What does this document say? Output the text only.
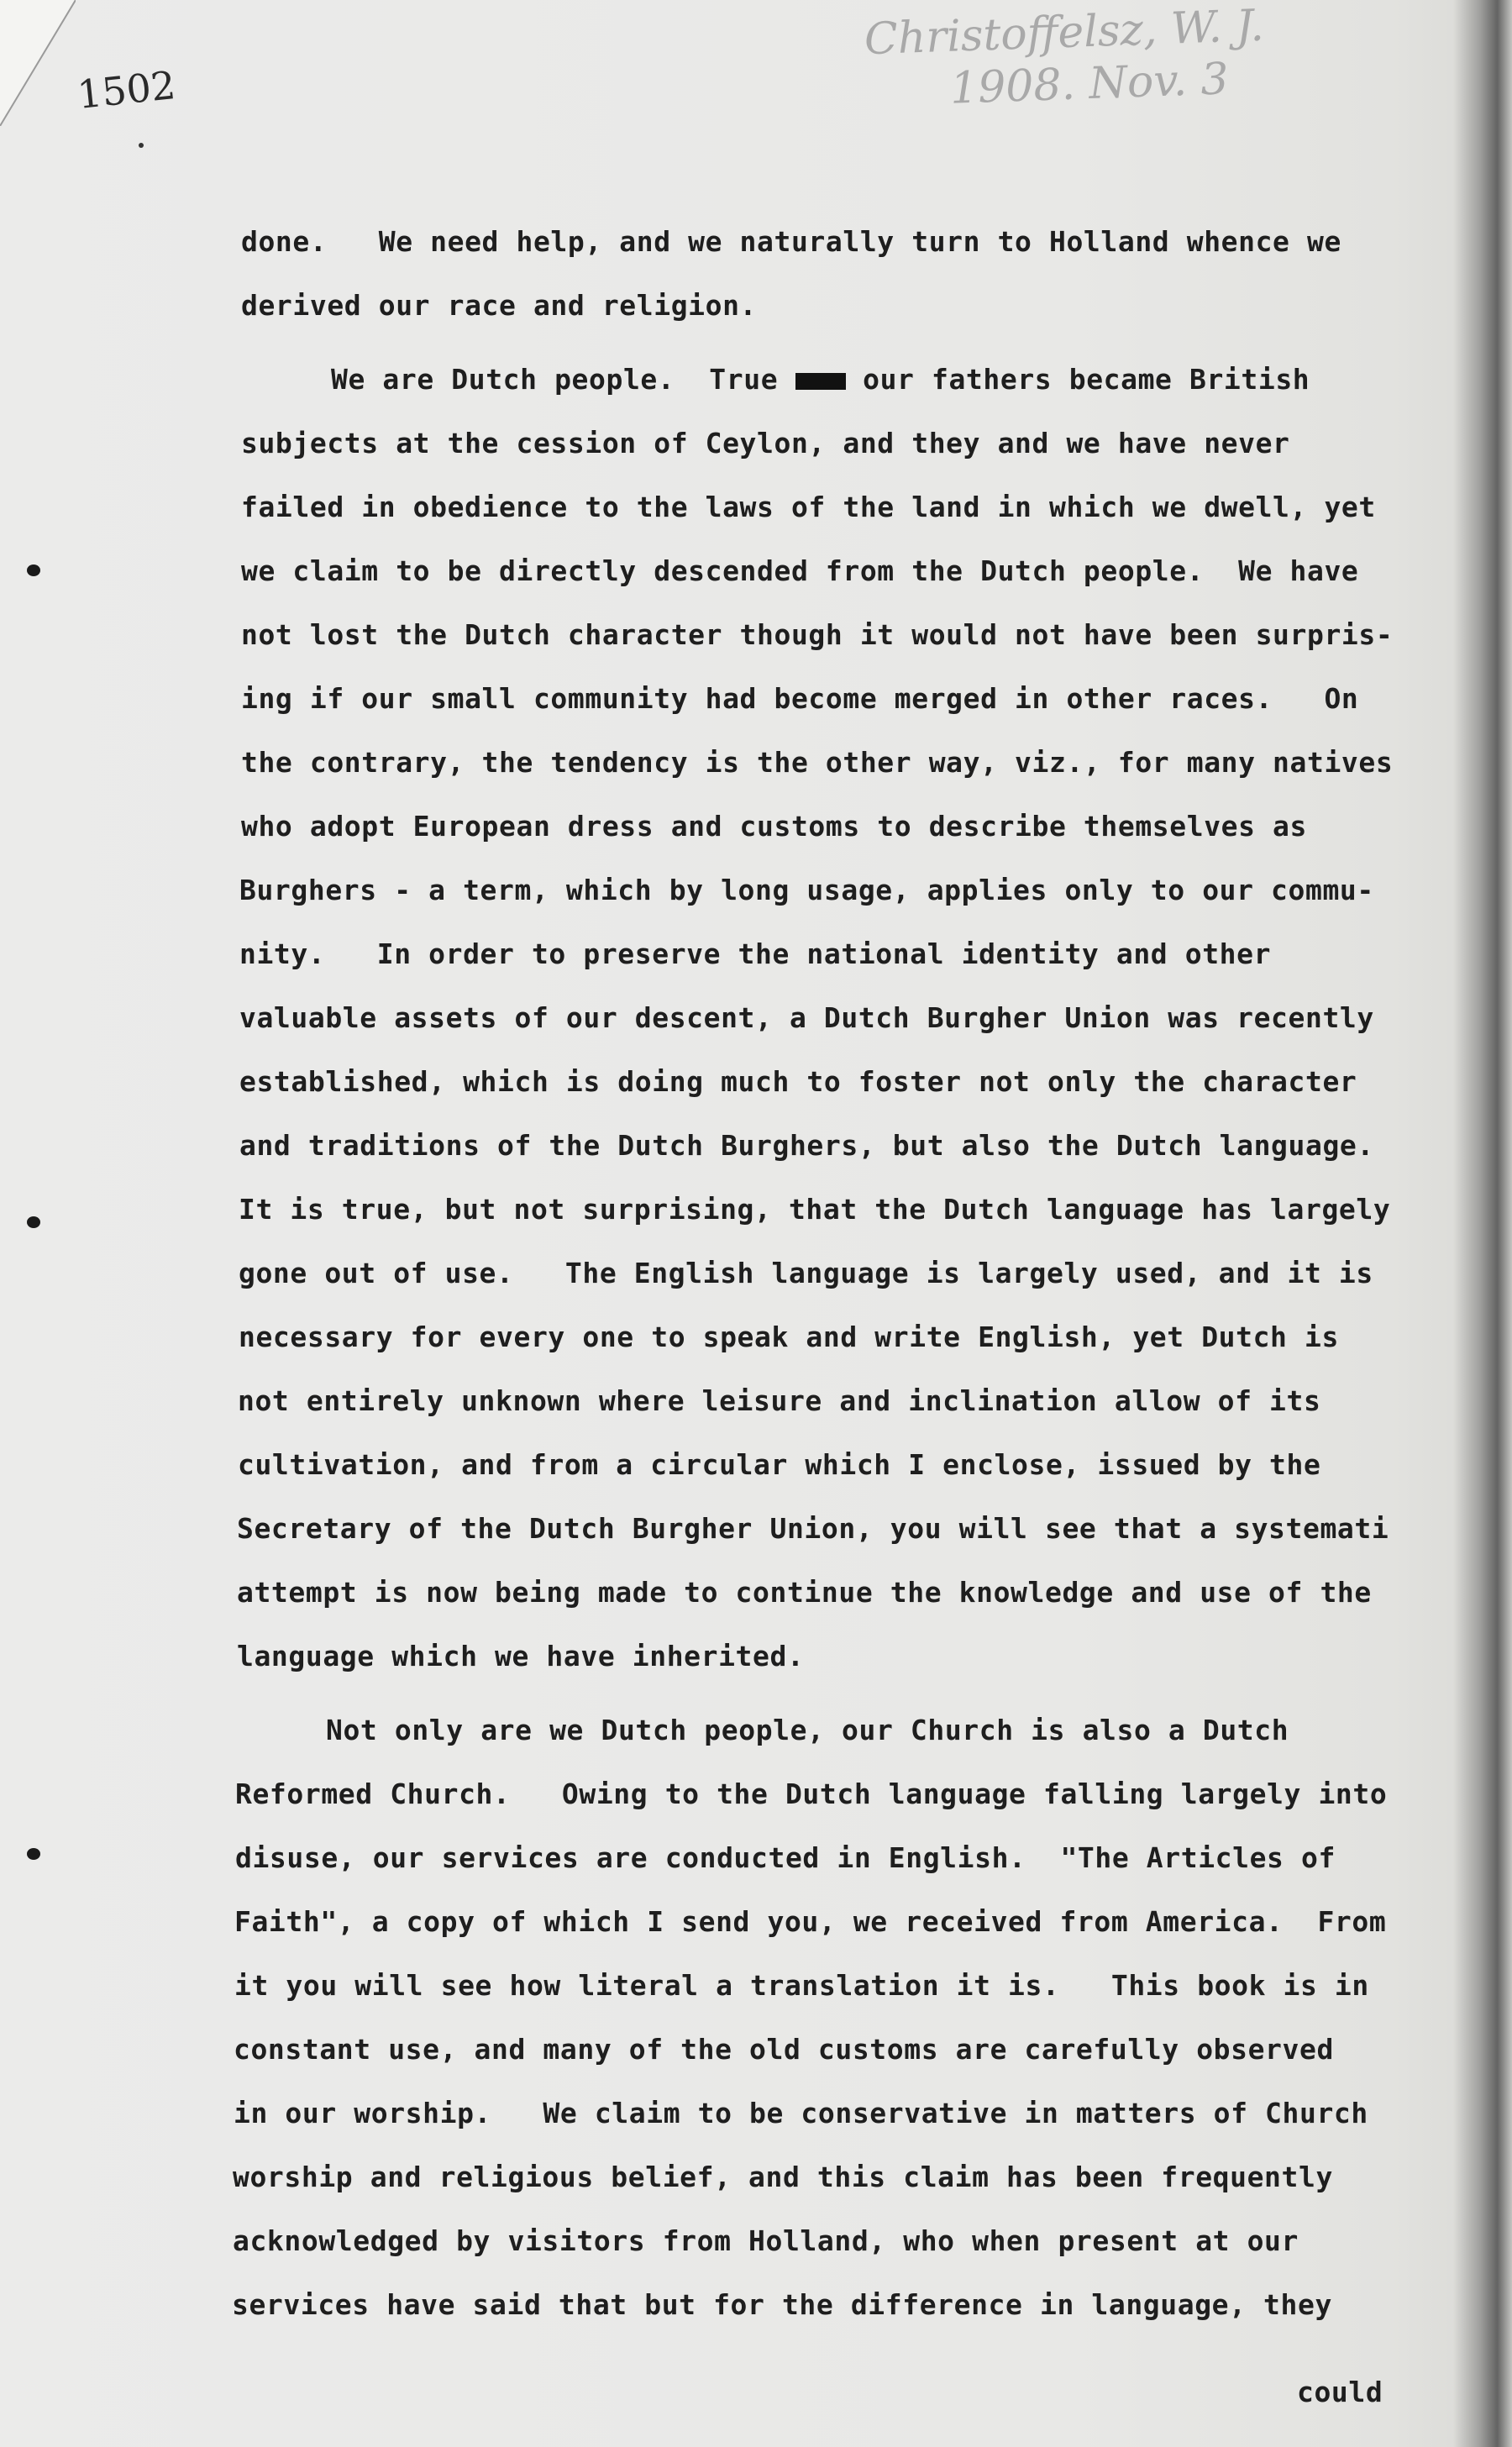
1502
Christoffelsz, W. J.
1908. Nov. 3
done.   We need help, and we naturally turn to Holland whence we
derived our race and religion.
We are Dutch people.  True	our fathers became British
subjects at the cession of Ceylon, and they and we have never
failed in obedience to the laws of the land in which we dwell, yet
we claim to be directly descended from the Dutch people.  We have
not lost the Dutch character though it would not have been surpris-
ing if our small community had become merged in other races.   On
the contrary, the tendency is the other way, viz., for many natives
who adopt European dress and customs to describe themselves as
Burghers - a term, which by long usage, applies only to our commu-
nity.   In order to preserve the national identity and other
valuable assets of our descent, a Dutch Burgher Union was recently
established, which is doing much to foster not only the character
and traditions of the Dutch Burghers, but also the Dutch language.
It is true, but not surprising, that the Dutch language has largely
gone out of use.   The English language is largely used, and it is
necessary for every one to speak and write English, yet Dutch is
not entirely unknown where leisure and inclination allow of its
cultivation, and from a circular which I enclose, issued by the
Secretary of the Dutch Burgher Union, you will see that a systemati
attempt is now being made to continue the knowledge and use of the
language which we have inherited.
Not only are we Dutch people, our Church is also a Dutch
Reformed Church.   Owing to the Dutch language falling largely into
disuse, our services are conducted in English.  "The Articles of
Faith", a copy of which I send you, we received from America.  From
it you will see how literal a translation it is.   This book is in
constant use, and many of the old customs are carefully observed
in our worship.   We claim to be conservative in matters of Church
worship and religious belief, and this claim has been frequently
acknowledged by visitors from Holland, who when present at our
services have said that but for the difference in language, they
could
